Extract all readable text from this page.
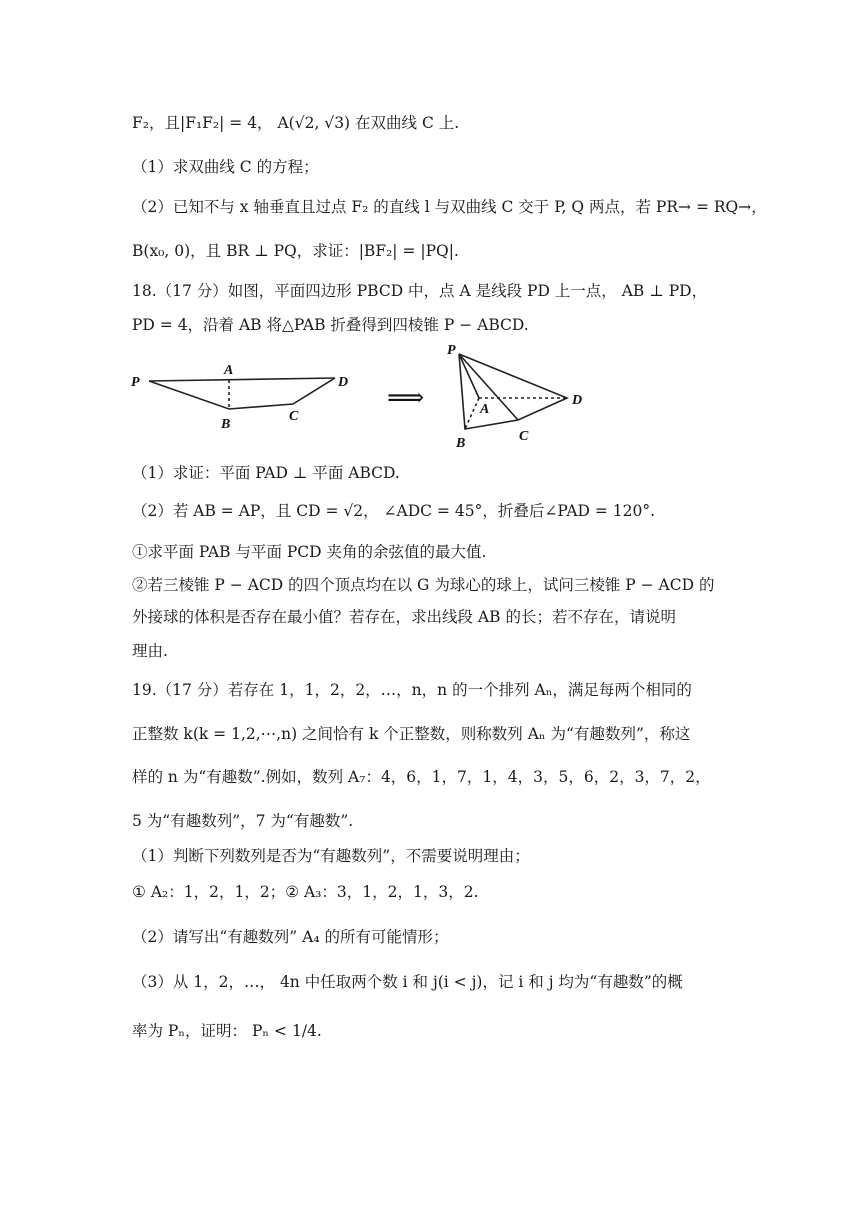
F₂，且|F₁F₂| = 4， A(√2, √3) 在双曲线 C 上.
（1）求双曲线 C 的方程；
（2）已知不与 x 轴垂直且过点 F₂ 的直线 l 与双曲线 C 交于 P, Q 两点，若 PR→ = RQ→，
B(x₀, 0)，且 BR ⊥ PQ，求证：|BF₂| = |PQ|.
18.（17 分）如图，平面四边形 PBCD 中，点 A 是线段 PD 上一点， AB ⊥ PD，
PD = 4，沿着 AB 将△PAB 折叠得到四棱锥 P − ABCD.
（1）求证：平面 PAD ⊥ 平面 ABCD.
（2）若 AB = AP，且 CD = √2， ∠ADC = 45°，折叠后∠PAD = 120°.
①求平面 PAB 与平面 PCD 夹角的余弦值的最大值.
②若三棱锥 P − ACD 的四个顶点均在以 G 为球心的球上，试问三棱锥 P − ACD 的
外接球的体积是否存在最小值？若存在，求出线段 AB 的长；若不存在，请说明
理由.
19.（17 分）若存在 1，1，2，2，…，n，n 的一个排列 Aₙ，满足每两个相同的
正整数 k(k = 1,2,⋯,n) 之间恰有 k 个正整数，则称数列 Aₙ 为“有趣数列”，称这
样的 n 为“有趣数”.例如，数列 A₇：4，6，1，7，1，4，3，5，6，2，3，7，2，
5 为“有趣数列”，7 为“有趣数”.
（1）判断下列数列是否为“有趣数列”，不需要说明理由；
① A₂：1，2，1，2；② A₃：3，1，2，1，3，2.
（2）请写出“有趣数列” A₄ 的所有可能情形；
（3）从 1，2，…， 4n 中任取两个数 i 和 j(i < j)，记 i 和 j 均为“有趣数”的概
率为 Pₙ，证明： Pₙ < 1/4.
P
A
D
B
C
⟹
P
A
D
B	C
